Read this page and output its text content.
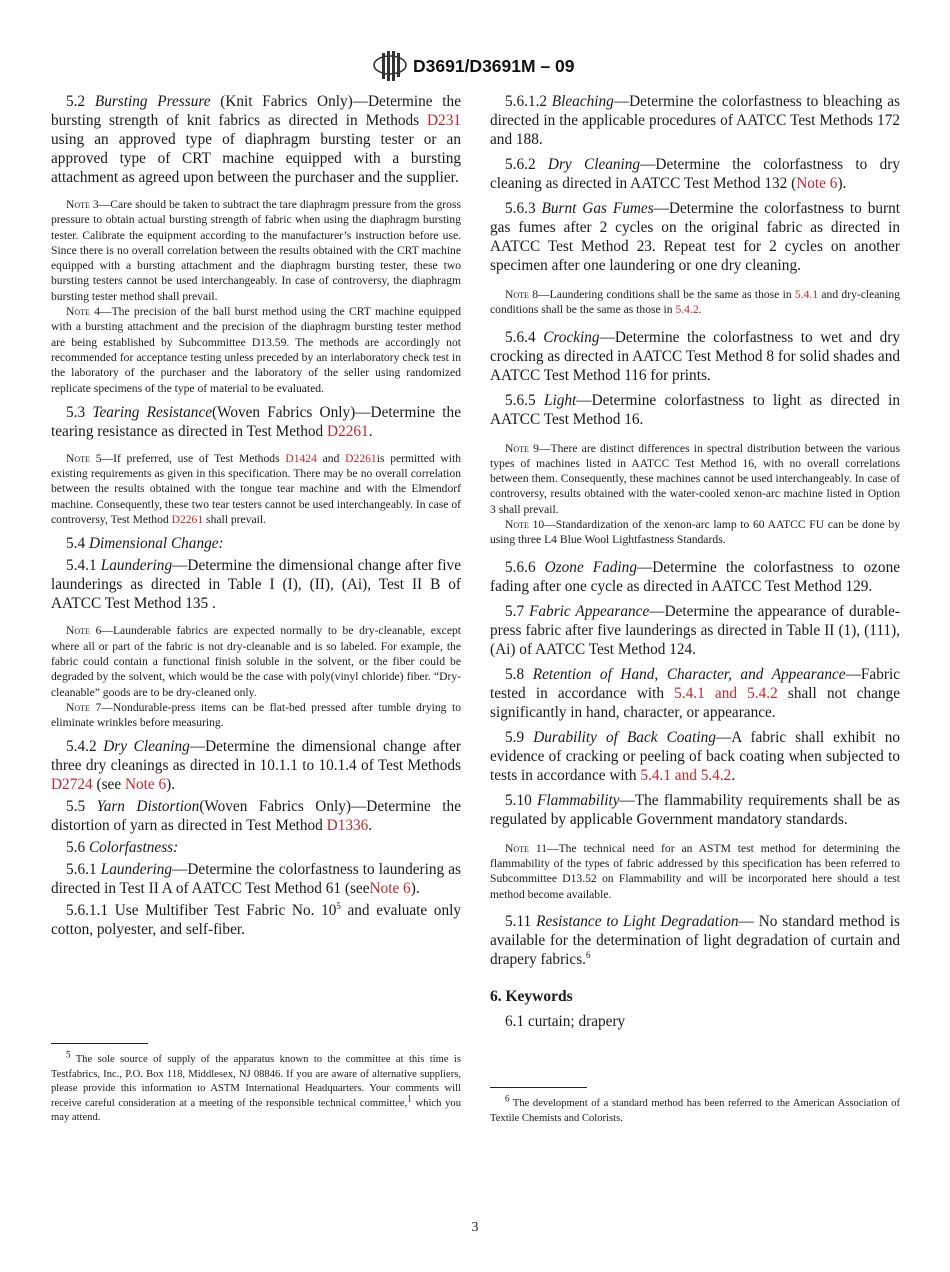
D3691/D3691M – 09

5.2 Bursting Pressure (Knit Fabrics Only)—Determine the bursting strength of knit fabrics as directed in Methods D231 using an approved type of diaphragm bursting tester or an approved type of CRT machine equipped with a bursting attachment as agreed upon between the purchaser and the supplier.

Note 3—Care should be taken to subtract the tare diaphragm pressure from the gross pressure to obtain actual bursting strength of fabric when using the diaphragm bursting tester. Calibrate the equipment according to the manufacturer’s instruction before use. Since there is no overall correlation between the results obtained with the CRT machine equipped with a bursting attachment and the diaphragm bursting tester, these two bursting testers cannot be used interchangeably. In case of controversy, the diaphragm bursting tester method shall prevail.

Note 4—The precision of the ball burst method using the CRT machine equipped with a bursting attachment and the precision of the diaphragm bursting tester method are being established by Subcommittee D13.59. The methods are accordingly not recommended for acceptance testing unless preceded by an interlaboratory check test in the laboratory of the purchaser and the laboratory of the seller using randomized replicate specimens of the type of material to be evaluated.

5.3 Tearing Resistance(Woven Fabrics Only)—Determine the tearing resistance as directed in Test Method D2261.

Note 5—If preferred, use of Test Methods D1424 and D2261is permitted with existing requirements as given in this specification. There may be no overall correlation between the results obtained with the tongue tear machine and with the Elmendorf machine. Consequently, these two tear testers cannot be used interchangeably. In case of controversy, Test Method D2261 shall prevail.

5.4 Dimensional Change:

5.4.1 Laundering—Determine the dimensional change after five launderings as directed in Table I (I), (II), (Ai), Test II B of AATCC Test Method 135 .

Note 6—Launderable fabrics are expected normally to be dry-cleanable, except where all or part of the fabric is not dry-cleanable and is so labeled. For example, the fabric could contain a functional finish soluble in the solvent, or the fiber could be degraded by the solvent, which would be the case with poly(vinyl chloride) fiber. “Dry-cleanable” goods are to be dry-cleaned only.

Note 7—Nondurable-press items can be flat-bed pressed after tumble drying to eliminate wrinkles before measuring.

5.4.2 Dry Cleaning—Determine the dimensional change after three dry cleanings as directed in 10.1.1 to 10.1.4 of Test Methods D2724 (see Note 6).

5.5 Yarn Distortion(Woven Fabrics Only)—Determine the distortion of yarn as directed in Test Method D1336.

5.6 Colorfastness:

5.6.1 Laundering—Determine the colorfastness to laundering as directed in Test II A of AATCC Test Method 61 (seeNote 6).

5.6.1.1 Use Multifiber Test Fabric No. $10^5$ and evaluate only cotton, polyester, and self-fiber.

5.6.1.2 Bleaching—Determine the colorfastness to bleaching as directed in the applicable procedures of AATCC Test Methods 172 and 188.

5.6.2 Dry Cleaning—Determine the colorfastness to dry cleaning as directed in AATCC Test Method 132 (Note 6).

5.6.3 Burnt Gas Fumes—Determine the colorfastness to burnt gas fumes after 2 cycles on the original fabric as directed in AATCC Test Method 23. Repeat test for 2 cycles on another specimen after one laundering or one dry cleaning.

Note 8—Laundering conditions shall be the same as those in 5.4.1 and dry-cleaning conditions shall be the same as those in 5.4.2.

5.6.4 Crocking—Determine the colorfastness to wet and dry crocking as directed in AATCC Test Method 8 for solid shades and AATCC Test Method 116 for prints.

5.6.5 Light—Determine colorfastness to light as directed in AATCC Test Method 16.

Note 9—There are distinct differences in spectral distribution between the various types of machines listed in AATCC Test Method 16, with no overall correlations between them. Consequently, these machines cannot be used interchangeably. In case of controversy, results obtained with the water-cooled xenon-arc machine listed in Option 3 shall prevail.

Note 10—Standardization of the xenon-arc lamp to 60 AATCC FU can be done by using three L4 Blue Wool Lightfastness Standards.

5.6.6 Ozone Fading—Determine the colorfastness to ozone fading after one cycle as directed in AATCC Test Method 129.

5.7 Fabric Appearance—Determine the appearance of durable-press fabric after five launderings as directed in Table II (1), (111), (Ai) of AATCC Test Method 124.

5.8 Retention of Hand, Character, and Appearance—Fabric tested in accordance with 5.4.1 and 5.4.2 shall not change significantly in hand, character, or appearance.

5.9 Durability of Back Coating—A fabric shall exhibit no evidence of cracking or peeling of back coating when subjected to tests in accordance with 5.4.1 and 5.4.2.

5.10 Flammability—The flammability requirements shall be as regulated by applicable Government mandatory standards.

Note 11—The technical need for an ASTM test method for determining the flammability of the types of fabric addressed by this specification has been referred to Subcommittee D13.52 on Flammability and will be incorporated here should a test method become available.

5.11 Resistance to Light Degradation— No standard method is available for the determination of light degradation of curtain and drapery fabrics.$^6$

6. Keywords

6.1 curtain; drapery

$^5$ The sole source of supply of the apparatus known to the committee at this time is Testfabrics, Inc., P.O. Box 118, Middlesex, NJ 08846. If you are aware of alternative suppliers, please provide this information to ASTM International Headquarters. Your comments will receive careful consideration at a meeting of the responsible technical committee,$^1$ which you may attend.

$^6$ The development of a standard method has been referred to the American Association of Textile Chemists and Colorists.

3
